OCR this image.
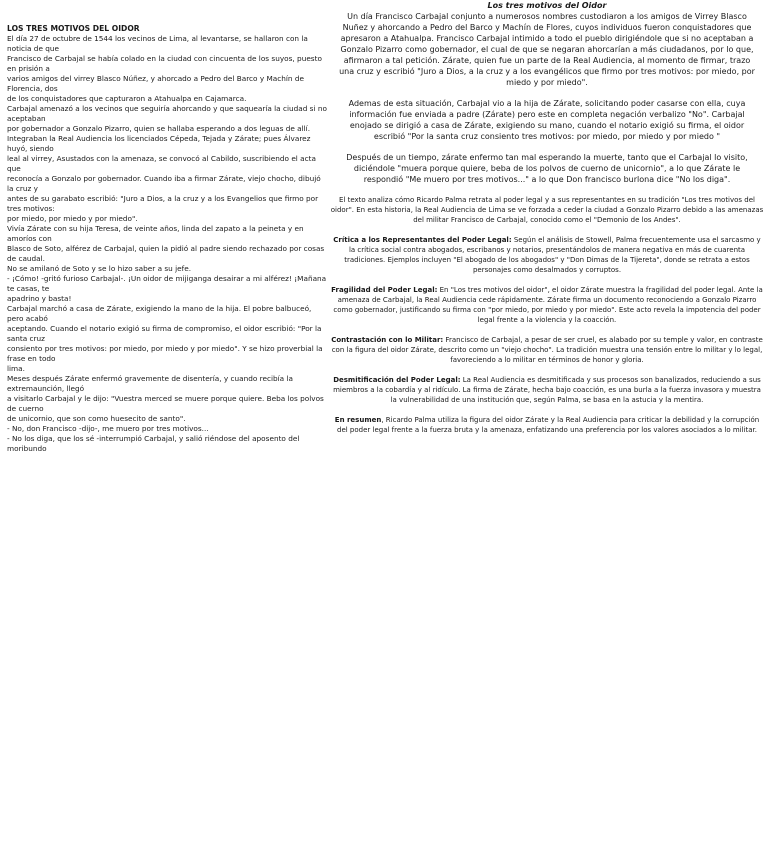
LOS TRES MOTIVOS DEL OIDOR
El día 27 de octubre de 1544 los vecinos de Lima, al levantarse, se hallaron con la noticia de que
Francisco de Carbajal se había colado en la ciudad con cincuenta de los suyos, puesto en prisión a
varios amigos del virrey Blasco Núñez, y ahorcado a Pedro del Barco y Machín de Florencia, dos
de los conquistadores que capturaron a Atahualpa en Cajamarca.
Carbajal amenazó a los vecinos que seguiría ahorcando y que saquearía la ciudad si no aceptaban
por gobernador a Gonzalo Pizarro, quien se hallaba esperando a dos leguas de allí.
Integraban la Real Audiencia los licenciados Cépeda, Tejada y Zárate; pues Álvarez huyó, siendo
leal al virrey, Asustados con la amenaza, se convocó al Cabildo, suscribiendo el acta que
reconocía a Gonzalo por gobernador. Cuando iba a firmar Zárate, viejo chocho, dibujó la cruz y
antes de su garabato escribió: "Juro a Dios, a la cruz y a los Evangelios que firmo por tres motivos:
por miedo, por miedo y por miedo".
Vivía Zárate con su hija Teresa, de veinte años, linda del zapato a la peineta y en amoríos con
Blasco de Soto, alférez de Carbajal, quien la pidió al padre siendo rechazado por cosas de caudal.
No se amilanó de Soto y se lo hizo saber a su jefe.
- ¡Cómo! -gritó furioso Carbajal-. ¡Un oidor de mijiganga desairar a mi alférez! ¡Mañana te casas, te
apadrino y basta!
Carbajal marchó a casa de Zárate, exigiendo la mano de la hija. El pobre balbuceó, pero acabó
aceptando. Cuando el notario exigió su firma de compromiso, el oidor escribió: "Por la santa cruz
consiento por tres motivos: por miedo, por miedo y por miedo". Y se hizo proverbial la frase en todo
lima.
Meses después Zárate enfermó gravemente de disentería, y cuando recibía la extremaunción, llegó
a visitarlo Carbajal y le dijo: "Vuestra merced se muere porque quiere. Beba los polvos de cuerno
de unicornio, que son como huesecito de santo".
- No, don Francisco -dijo-, me muero por tres motivos...
- No los diga, que los sé -interrumpió Carbajal, y salió riéndose del aposento del moribundo
Los tres motivos del Oidor

Un día Francisco Carbajal conjunto a numerosos nombres custodiaron a los amigos de Virrey Blasco Nuñez y ahorcando a Pedro del Barco y Machín de Flores, cuyos individuos fueron conquistadores que apresaron a Atahualpa. Francisco Carbajal intimido a todo el pueblo dirigiéndole que si no aceptaban a Gonzalo Pizarro como gobernador, el cual de que se negaran ahorcarían a más ciudadanos, por lo que, afirmaron a tal petición. Zárate, quien fue un parte de la Real Audiencia, al momento de firmar, trazo una cruz y escribió "Juro a Dios, a la cruz y a los evangélicos que firmo por tres motivos: por miedo, por miedo y por miedo".

Ademas de esta situación, Carbajal vio a la hija de Zárate, solicitando poder casarse con ella, cuya información fue enviada a padre (Zárate) pero este en completa negación verbalizo "No". Carbajal enojado se dirigió a casa de Zárate, exigiendo su mano, cuando el notario exigió su firma, el oidor escribió "Por la santa cruz consiento tres motivos: por miedo, por miedo y por miedo "

Después de un tiempo, zárate enfermo tan mal esperando la muerte, tanto que el Carbajal lo visito, diciéndole "muera porque quiere, beba de los polvos de cuerno de unicornio", a lo que Zárate le respondió "Me muero por tres motivos..." a lo que Don francisco burlona dice "No los diga".

El texto analiza cómo Ricardo Palma retrata al poder legal y a sus representantes en su tradición "Los tres motivos del oidor". En esta historia, la Real Audiencia de Lima se ve forzada a ceder la ciudad a Gonzalo Pizarro debido a las amenazas del militar Francisco de Carbajal, conocido como el "Demonio de los Andes".

Crítica a los Representantes del Poder Legal: Según el análisis de Stowell, Palma frecuentemente usa el sarcasmo y la crítica social contra abogados, escribanos y notarios, presentándolos de manera negativa en más de cuarenta tradiciones. Ejemplos incluyen "El abogado de los abogados" y "Don Dimas de la Tijereta", donde se retrata a estos personajes como desalmados y corruptos.

Fragilidad del Poder Legal: En "Los tres motivos del oidor", el oidor Zárate muestra la fragilidad del poder legal. Ante la amenaza de Carbajal, la Real Audiencia cede rápidamente. Zárate firma un documento reconociendo a Gonzalo Pizarro como gobernador, justificando su firma con "por miedo, por miedo y por miedo". Este acto revela la impotencia del poder legal frente a la violencia y la coacción.

Contrastación con lo Militar: Francisco de Carbajal, a pesar de ser cruel, es alabado por su temple y valor, en contraste con la figura del oidor Zárate, descrito como un "viejo chocho". La tradición muestra una tensión entre lo militar y lo legal, favoreciendo a lo militar en términos de honor y gloria.

Desmitificación del Poder Legal: La Real Audiencia es desmitificada y sus procesos son banalizados, reduciendo a sus miembros a la cobardía y al ridículo. La firma de Zárate, hecha bajo coacción, es una burla a la fuerza invasora y muestra la vulnerabilidad de una institución que, según Palma, se basa en la astucia y la mentira.

En resumen, Ricardo Palma utiliza la figura del oidor Zárate y la Real Audiencia para criticar la debilidad y la corrupción del poder legal frente a la fuerza bruta y la amenaza, enfatizando una preferencia por los valores asociados a lo militar.
